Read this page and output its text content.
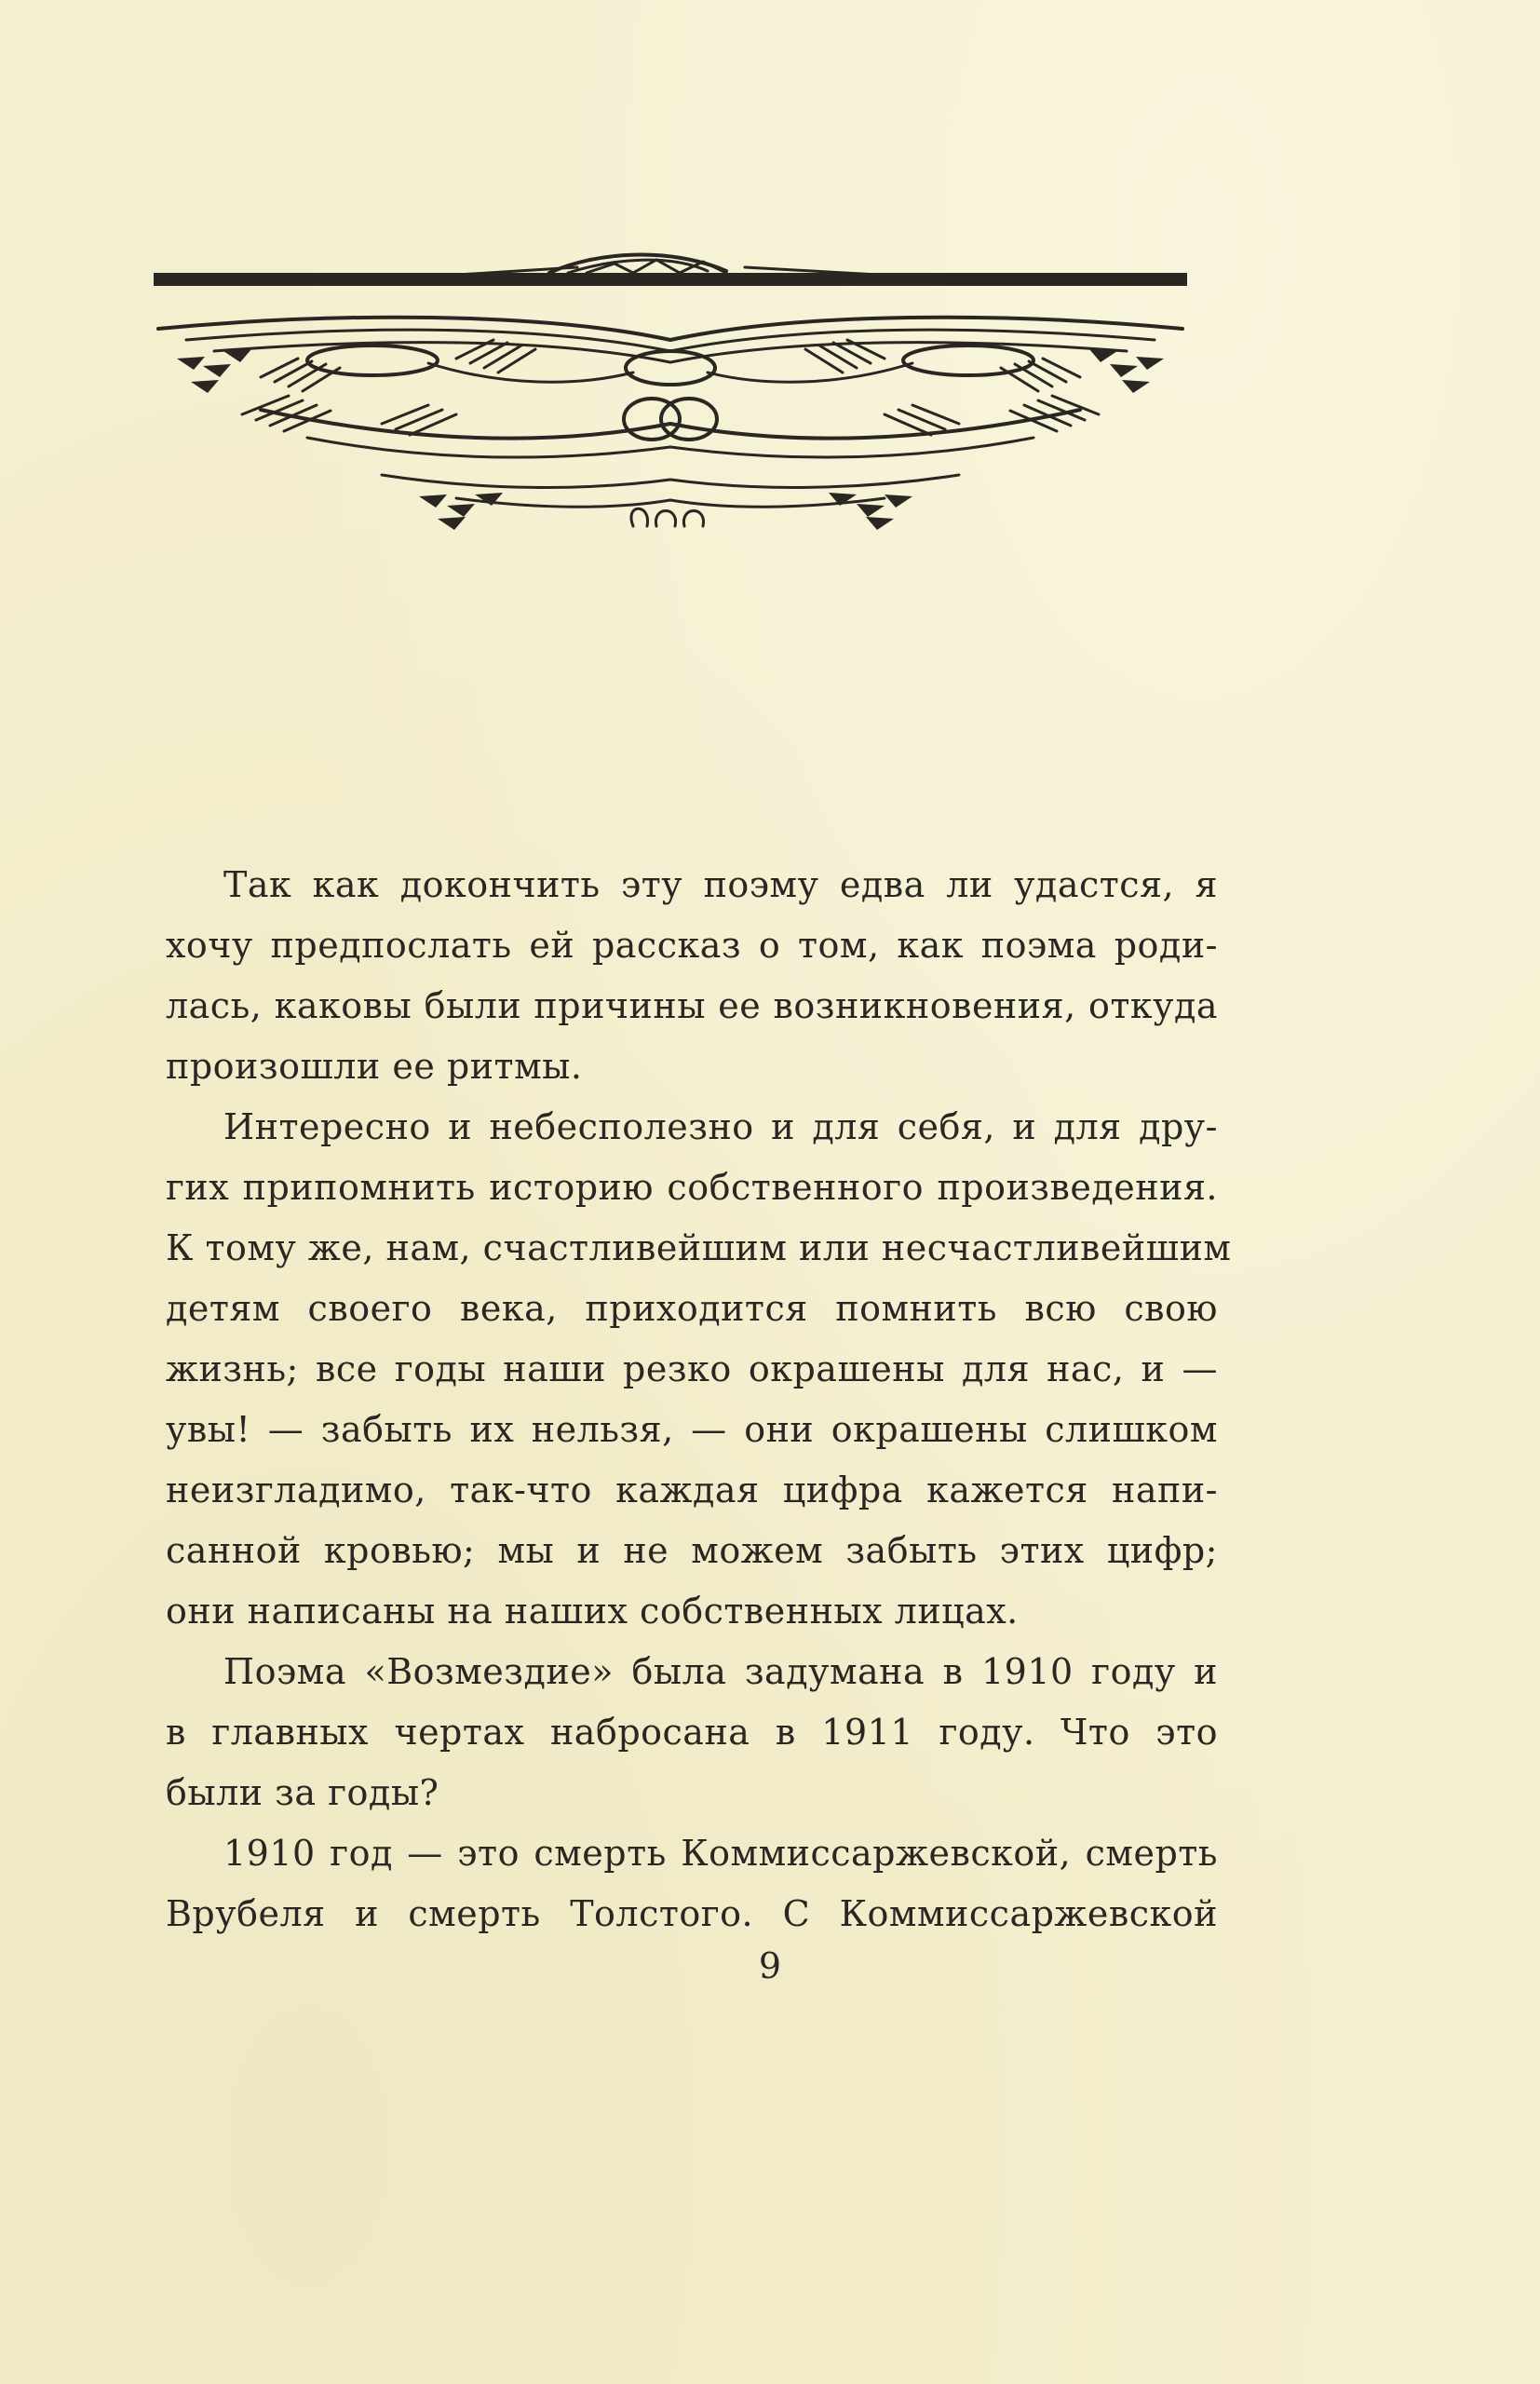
Так как докончить эту поэму едва ли удастся, я
хочу предпослать ей рассказ о том, как поэма роди-
лась, каковы были причины ее возникновения, откуда
произошли ее ритмы.
Интересно и небесполезно и для себя, и для дру-
гих припомнить историю собственного произведения.
К тому же, нам, счастливейшим или несчастливейшим
детям своего века, приходится помнить всю свою
жизнь; все годы наши резко окрашены для нас, и —
увы! — забыть их нельзя, — они окрашены слишком
неизгладимо, так-что каждая цифра кажется напи-
санной кровью; мы и не можем забыть этих цифр;
они написаны на наших собственных лицах.
Поэма «Возмездие» была задумана в 1910 году и
в главных чертах набросана в 1911 году. Что это
были за годы?
1910 год — это смерть Коммиссаржевской, смерть
Врубеля и смерть Толстого. С Коммиссаржевской
9
